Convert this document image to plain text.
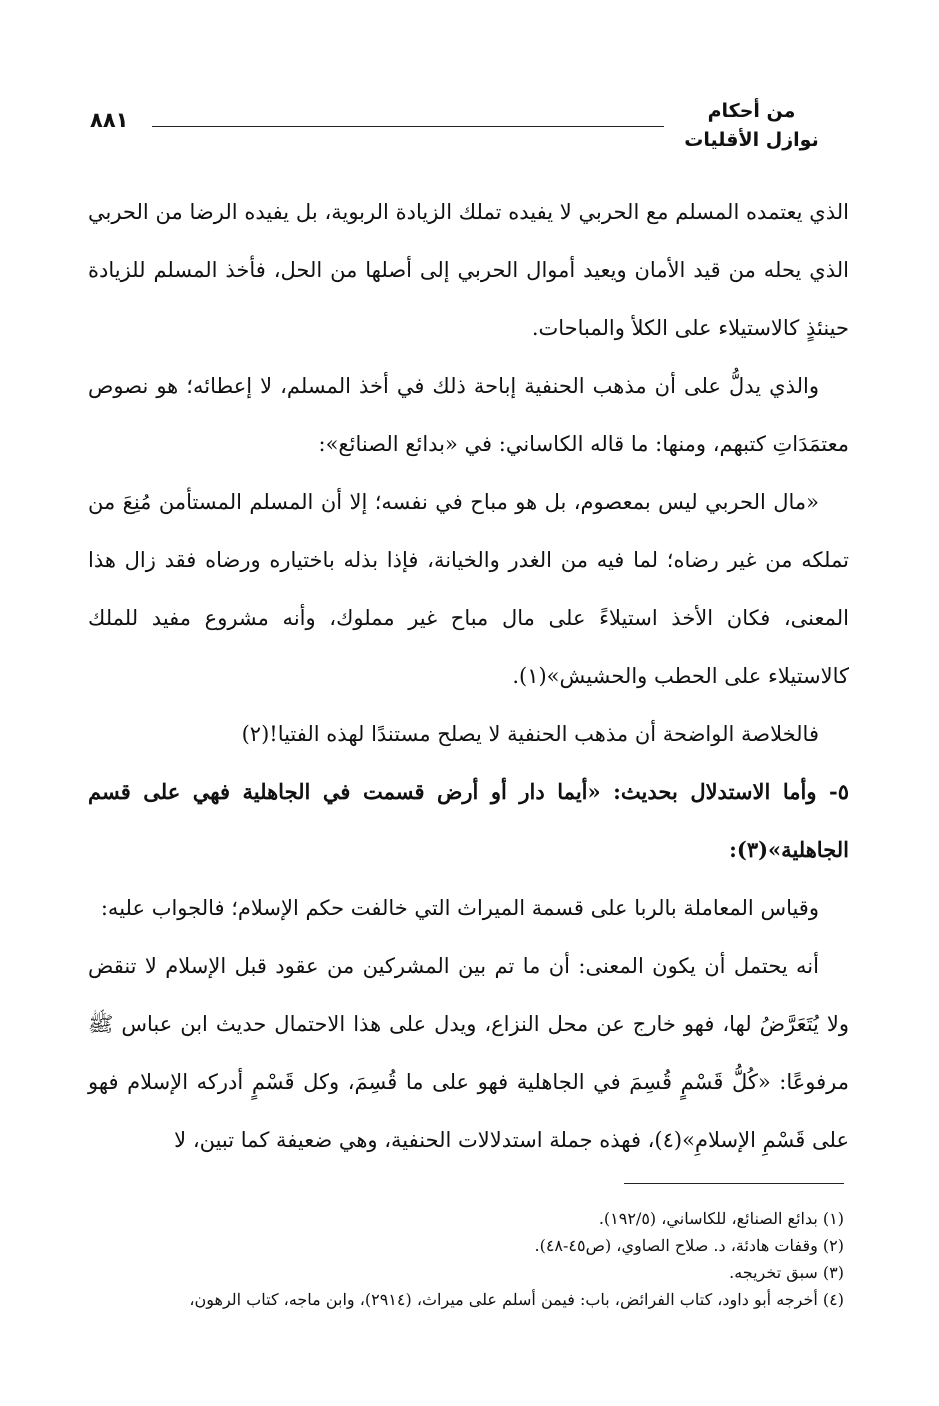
من أحكام
نوازل الأقليات
٨٨١

الذي يعتمده المسلم مع الحربي لا يفيده تملك الزيادة الربوية، بل يفيده الرضا من الحربي الذي يحله من قيد الأمان ويعيد أموال الحربي إلى أصلها من الحل، فأخذ المسلم للزيادة حينئذٍ كالاستيلاء على الكلأ والمباحات.

والذي يدلُّ على أن مذهب الحنفية إباحة ذلك في أخذ المسلم، لا إعطائه؛ هو نصوص معتمَدَاتِ كتبهم، ومنها: ما قاله الكاساني: في «بدائع الصنائع»:

«مال الحربي ليس بمعصوم، بل هو مباح في نفسه؛ إلا أن المسلم المستأمن مُنِعَ من تملكه من غير رضاه؛ لما فيه من الغدر والخيانة، فإذا بذله باختياره ورضاه فقد زال هذا المعنى، فكان الأخذ استيلاءً على مال مباح غير مملوك، وأنه مشروع مفيد للملك كالاستيلاء على الحطب والحشيش»(١).

فالخلاصة الواضحة أن مذهب الحنفية لا يصلح مستندًا لهذه الفتيا!(٢)

٥- وأما الاستدلال بحديث: «أيما دار أو أرض قسمت في الجاهلية فهي على قسم الجاهلية»(٣):

وقياس المعاملة بالربا على قسمة الميراث التي خالفت حكم الإسلام؛ فالجواب عليه:

أنه يحتمل أن يكون المعنى: أن ما تم بين المشركين من عقود قبل الإسلام لا تنقض ولا يُتَعَرَّضُ لها، فهو خارج عن محل النزاع، ويدل على هذا الاحتمال حديث ابن عباس ﷺ مرفوعًا: «كُلُّ قَسْمٍ قُسِمَ في الجاهلية فهو على ما قُسِمَ، وكل قَسْمٍ أدركه الإسلام فهو على قَسْمِ الإسلامِ»(٤)، فهذه جملة استدلالات الحنفية، وهي ضعيفة كما تبين، لا

(١) بدائع الصنائع، للكاساني، (١٩٢/٥).

(٢) وقفات هادئة، د. صلاح الصاوي، (ص٤٥-٤٨).

(٣) سبق تخريجه.

(٤) أخرجه أبو داود، كتاب الفرائض، باب: فيمن أسلم على ميراث، (٢٩١٤)، وابن ماجه، كتاب الرهون،
